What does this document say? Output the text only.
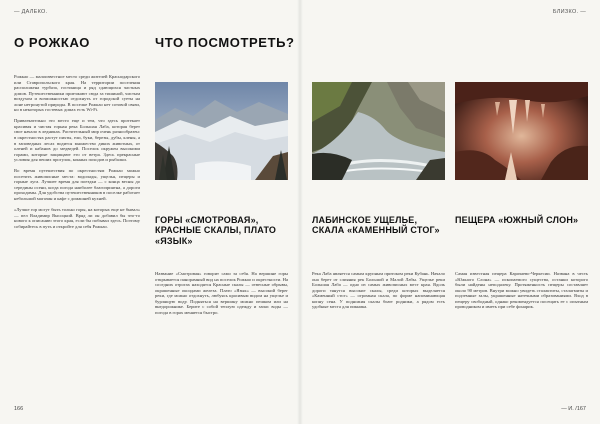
— ДАЛЕКО.
О РОЖКАО

Рожкао — малоизвестное место среди жителей Краснодарского или Ставропольского края. На территории поселения расположена турбаза, гостиница и ряд сдающихся частных домов. Путешественники приезжают сюда за тишиной, чистым воздухом и возможностью отдохнуть от городской суеты на лоне нетронутой природы. В поселке Рожкао нет сотовой связи, но в некоторых гостевых домах есть Wi-Fi.

Привлекательно это место еще и тем, что здесь протекает красивая и чистая горная река Большая Лаба, которая берет свое начало в ледниках. Растительный мир очень разнообразен: в окрестностях растут пихты, ели, буки, березы, дубы, клены, а в заповедных лесах водится множество диких животных, от оленей и кабанов до медведей. Поселок окружен высокими горами, которые защищают его от ветра. Здесь прекрасные условия для пеших прогулок, конных походов и рыбалки.

Во время путешествия по окрестностям Рожкао можно посетить живописные места: водопады, ущелья, пещеры и горные луга. Лучшее время для поездки — с конца весны до середины осени, когда погода наиболее благоприятна, а дороги проходимы. Для удобства путешественников в поселке работает небольшой магазин и кафе с домашней кухней.

«Лучше гор могут быть только горы, на которых еще не бывал» — пел Владимир Высоцкий. Вряд ли он добавил бы что-то нового к описанию этого края, если бы побывал здесь. Поэтому собирайтесь в путь и откройте для себя Рожкао.

166
БЛИЗКО. —
— И. /167
ЧТО ПОСМОТРЕТЬ?
ГОРЫ «СМОТРОВАЯ», КРАСНЫЕ СКАЛЫ, ПЛАТО «ЯЗЫК»
ЛАБИНСКОЕ УЩЕЛЬЕ, СКАЛА «КАМЕННЫЙ СТОГ»
ПЕЩЕРА «ЮЖНЫЙ СЛОН»
Название «Смотровая» говорит само за себя. На вершине горы открывается панорамный вид на поселок Рожкао и окрестности. На соседних отрогах находятся Красные скалы — отвесные обрывы, окрашенные оксидами железа. Плато «Язык» — высокий берег реки, где можно отдохнуть, любуясь красивым видом на ущелье и бурлящую воду. Подняться на вершину можно пешком или на внедорожнике. Берите с собой теплую одежду и запас воды — погода в горах меняется быстро.
Река Лаба является самым крупным притоком реки Кубань. Начало она берет от слияния рек Большой и Малой Лабы. Ущелье реки Большая Лаба — одно из самых живописных мест края. Вдоль дороги тянутся высокие скалы, среди которых выделяется «Каменный стог» — огромная скала, по форме напоминающая копну сена. У подножия скалы бьют родники, а рядом есть удобные места для пикника.
Самая известная пещера Карачаево-Черкесии. Названа в честь «Южного Слона» — ископаемого существа, останки которого были найдены неподалеку. Протяженность пещеры составляет около 90 метров. Внутри можно увидеть сталактиты, сталагмиты и подземные залы, украшенные натечными образованиями. Вход в пещеру свободный, однако рекомендуется посещать ее с опытным проводником и иметь при себе фонарик.
